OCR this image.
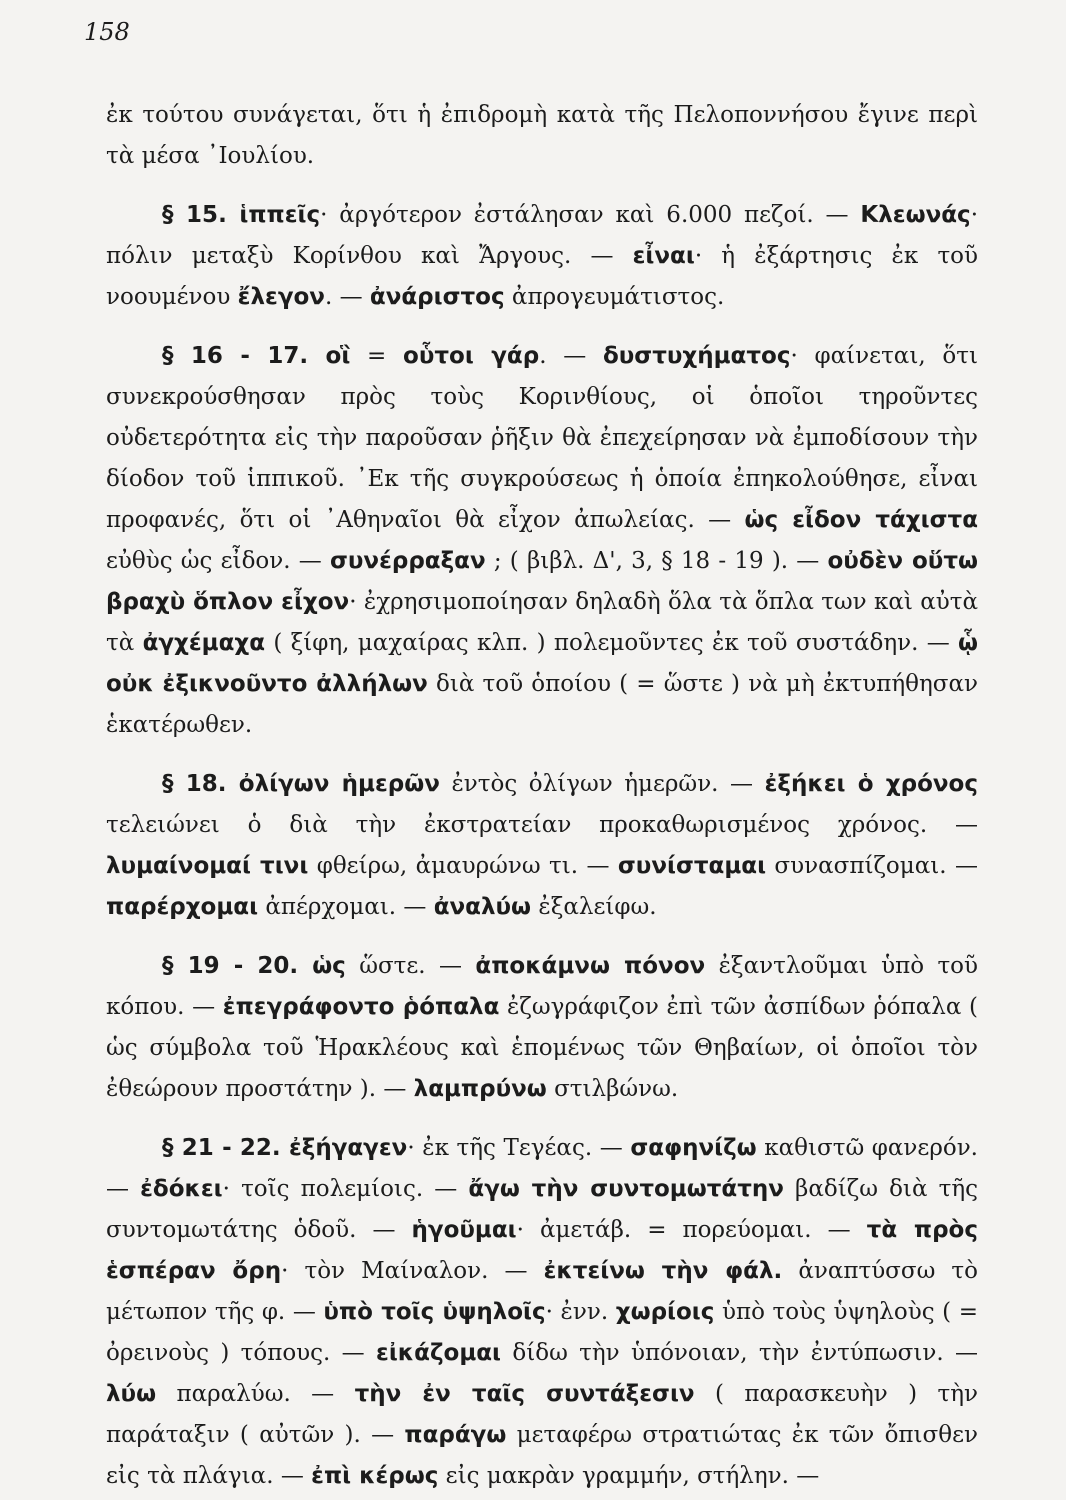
158

ἐκ τούτου συνάγεται, ὅτι ἡ ἐπιδρομὴ κατὰ τῆς Πελοποννήσου ἔγινε περὶ τὰ μέσα ᾿Ιουλίου.

§ 15. ἱππεῖς· ἀργότερον ἐστάλησαν καὶ 6.000 πεζοί. — Κλεωνάς· πόλιν μεταξὺ Κορίνθου καὶ Ἄργους. — εἶναι· ἡ ἐξάρτησις ἐκ τοῦ νοουμένου ἔλεγον. — ἀνάριστος ἀπρογευμάτιστος.

§ 16 - 17. οἳ = οὗτοι γάρ. — δυστυχήματος· φαίνεται, ὅτι συνεκρούσθησαν πρὸς τοὺς Κορινθίους, οἱ ὁποῖοι τηροῦντες οὐδετερότητα εἰς τὴν παροῦσαν ῥῆξιν θὰ ἐπεχείρησαν νὰ ἐμποδίσουν τὴν δίοδον τοῦ ἱππικοῦ. ᾿Εκ τῆς συγκρούσεως ἡ ὁποία ἐπηκολούθησε, εἶναι προφανές, ὅτι οἱ ᾿Αθηναῖοι θὰ εἶχον ἀπωλείας. — ὡς εἶδον τάχιστα εὐθὺς ὡς εἶδον. — συνέρραξαν ; ( βιβλ. Δ', 3, § 18 - 19 ). — οὐδὲν οὕτω βραχὺ ὅπλον εἶχον· ἐχρησιμοποίησαν δηλαδὴ ὅλα τὰ ὅπλα των καὶ αὐτὰ τὰ ἀγχέμαχα ( ξίφη, μαχαίρας κλπ. ) πολεμοῦντες ἐκ τοῦ συστάδην. — ᾧ οὐκ ἐξικνοῦντο ἀλλήλων διὰ τοῦ ὁποίου ( = ὥστε ) νὰ μὴ ἐκτυπήθησαν ἑκατέρωθεν.

§ 18. ὀλίγων ἡμερῶν ἐντὸς ὀλίγων ἡμερῶν. — ἐξήκει ὁ χρόνος τελειώνει ὁ διὰ τὴν ἐκστρατείαν προκαθωρισμένος χρόνος. — λυμαίνομαί τινι φθείρω, ἀμαυρώνω τι. — συνίσταμαι συνασπίζομαι. — παρέρχομαι ἀπέρχομαι. — ἀναλύω ἐξαλείφω.

§ 19 - 20. ὡς ὥστε. — ἀποκάμνω πόνον ἐξαντλοῦμαι ὑπὸ τοῦ κόπου. — ἐπεγράφοντο ῥόπαλα ἐζωγράφιζον ἐπὶ τῶν ἀσπίδων ῥόπαλα ( ὡς σύμβολα τοῦ Ἡρακλέους καὶ ἑπομένως τῶν Θηβαίων, οἱ ὁποῖοι τὸν ἐθεώρουν προστάτην ). — λαμπρύνω στιλβώνω.

§ 21 - 22. ἐξήγαγεν· ἐκ τῆς Τεγέας. — σαφηνίζω καθιστῶ φανερόν. — ἐδόκει· τοῖς πολεμίοις. — ἄγω τὴν συντομωτάτην βαδίζω διὰ τῆς συντομωτάτης ὁδοῦ. — ἡγοῦμαι· ἀμετάβ. = πορεύομαι. — τὰ πρὸς ἑσπέραν ὄρη· τὸν Μαίναλον. — ἐκτείνω τὴν φάλ. ἀναπτύσσω τὸ μέτωπον τῆς φ. — ὑπὸ τοῖς ὑψηλοῖς· ἐνν. χωρίοις ὑπὸ τοὺς ὑψηλοὺς ( = ὀρεινοὺς ) τόπους. — εἰκάζομαι δίδω τὴν ὑπόνοιαν, τὴν ἐντύπωσιν. — λύω παραλύω. — τὴν ἐν ταῖς συντάξεσιν ( παρασκευὴν ) τὴν παράταξιν ( αὐτῶν ). — παράγω μεταφέρω στρατιώτας ἐκ τῶν ὄπισθεν εἰς τὰ πλάγια. — ἐπὶ κέρως εἰς μακρὰν γραμμήν, στήλην. —
